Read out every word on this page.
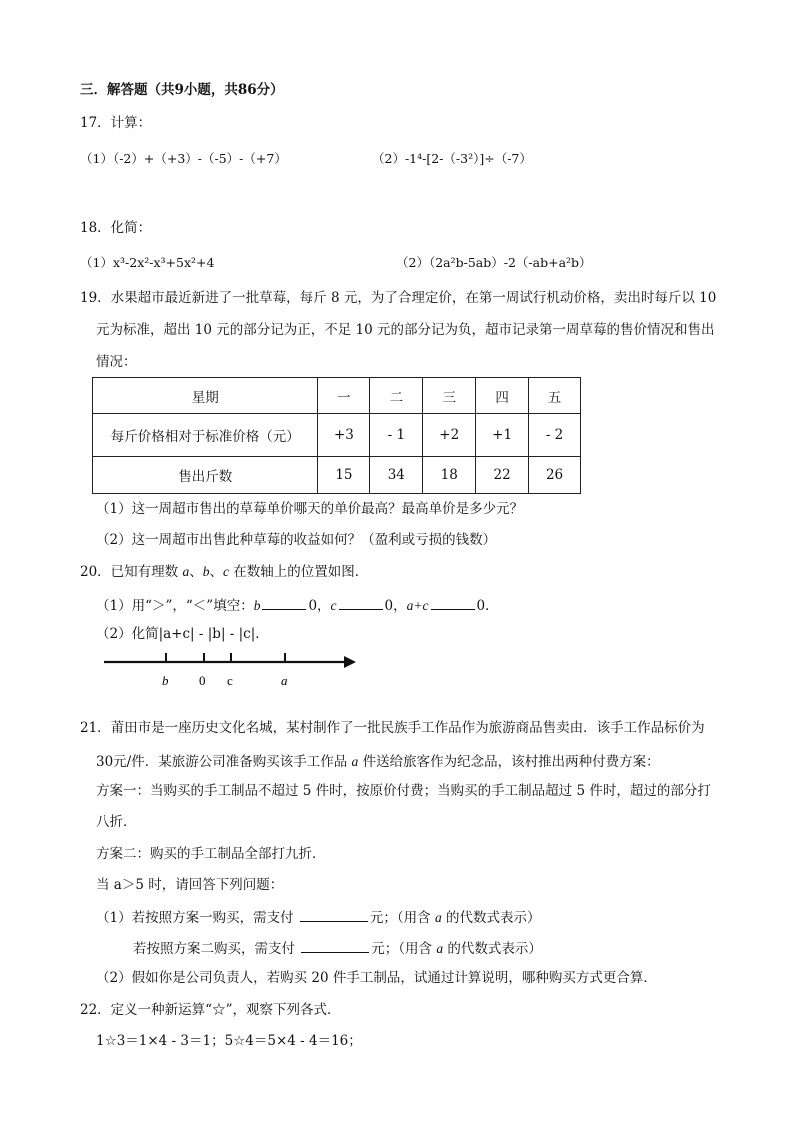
三．解答题（共9小题，共86分）
17．计算：
（1）（-2）+（+3）-（-5）-（+7）	（2）-1⁴-[2-（-3²）]÷（-7）
18．化简：
（1）x³-2x²-x³+5x²+4	（2）（2a²b-5ab）-2（-ab+a²b）
19．水果超市最近新进了一批草莓，每斤 8 元，为了合理定价，在第一周试行机动价格，卖出时每斤以 10
元为标准，超出 10 元的部分记为正，不足 10 元的部分记为负，超市记录第一周草莓的售价情况和售出
情况：
星期	一	二	三	四	五
每斤价格相对于标准价格（元）	+3	- 1	+2	+1	- 2
售出斤数	15	34	18	22	26
（1）这一周超市售出的草莓单价哪天的单价最高？最高单价是多少元？
（2）这一周超市出售此种草莓的收益如何？（盈利或亏损的钱数）
20．已知有理数 a、b、c 在数轴上的位置如图．
（1）用“＞”，“＜”填空：b	0，c	0，a+c	0．
（2）化简|a+c| - |b| - |c|．
b 0 c	a
21．莆田市是一座历史文化名城，某村制作了一批民族手工作品作为旅游商品售卖由．该手工作品标价为
30元/件．某旅游公司准备购买该手工作品 a 件送给旅客作为纪念品，该村推出两种付费方案：
方案一：当购买的手工制品不超过 5 件时，按原价付费；当购买的手工制品超过 5 件时，超过的部分打
八折．
方案二：购买的手工制品全部打九折．
当 a＞5 时，请回答下列问题：
（1）若按照方案一购买，需支付	元；（用含 a 的代数式表示）
若按照方案二购买，需支付	元；（用含 a 的代数式表示）
（2）假如你是公司负责人，若购买 20 件手工制品，试通过计算说明，哪种购买方式更合算．
22．定义一种新运算“☆”，观察下列各式．
1☆3＝1×4 - 3＝1；5☆4＝5×4 - 4＝16；
